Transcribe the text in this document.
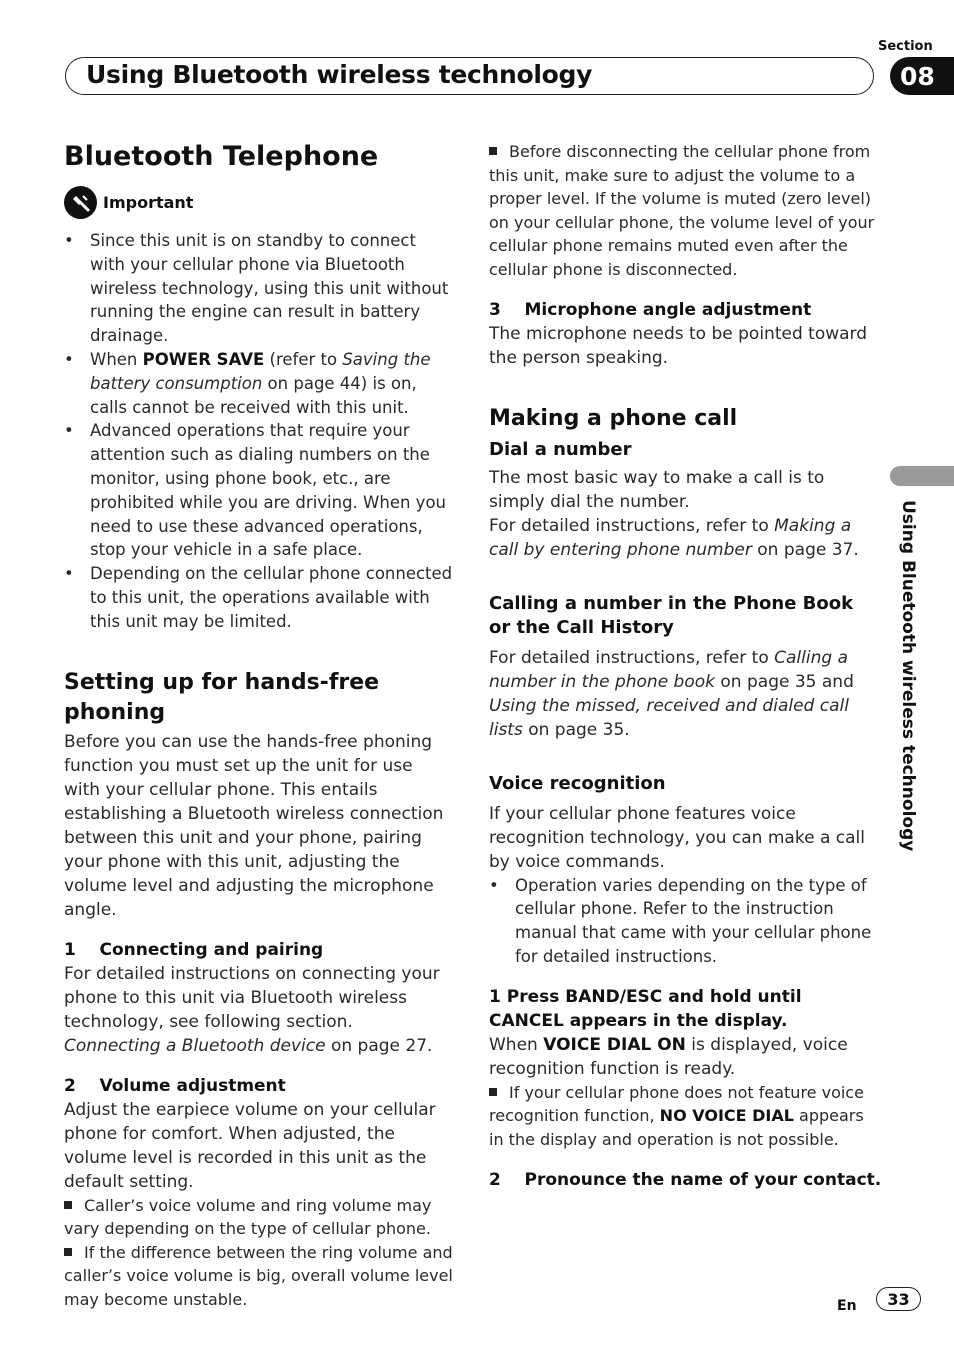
Section
Using Bluetooth wireless technology	08
Using Bluetooth wireless technology
Bluetooth Telephone
Important
• Since this unit is on standby to connect with your cellular phone via Bluetooth wireless technology, using this unit without running the engine can result in battery drainage.
• When POWER SAVE (refer to Saving the battery consumption on page 44) is on, calls cannot be received with this unit.
• Advanced operations that require your attention such as dialing numbers on the monitor, using phone book, etc., are prohibited while you are driving. When you need to use these advanced operations, stop your vehicle in a safe place.
• Depending on the cellular phone connected to this unit, the operations available with this unit may be limited.
Setting up for hands-free phoning

Before you can use the hands-free phoning function you must set up the unit for use with your cellular phone. This entails establishing a Bluetooth wireless connection between this unit and your phone, pairing your phone with this unit, adjusting the volume level and adjusting the microphone angle.

1    Connecting and pairing

For detailed instructions on connecting your phone to this unit via Bluetooth wireless technology, see following section. Connecting a Bluetooth device on page 27.

2    Volume adjustment

Adjust the earpiece volume on your cellular phone for comfort. When adjusted, the volume level is recorded in this unit as the default setting.

Caller’s voice volume and ring volume may vary depending on the type of cellular phone.

If the difference between the ring volume and caller’s voice volume is big, overall volume level may become unstable.

Before disconnecting the cellular phone from this unit, make sure to adjust the volume to a proper level. If the volume is muted (zero level) on your cellular phone, the volume level of your cellular phone remains muted even after the cellular phone is disconnected.

3    Microphone angle adjustment

The microphone needs to be pointed toward the person speaking.

Making a phone call
Dial a number

The most basic way to make a call is to simply dial the number.

For detailed instructions, refer to Making a call by entering phone number on page 37.

Calling a number in the Phone Book or the Call History

For detailed instructions, refer to Calling a number in the phone book on page 35 and Using the missed, received and dialed call lists on page 35.

Voice recognition

If your cellular phone features voice recognition technology, you can make a call by voice commands.

• Operation varies depending on the type of cellular phone. Refer to the instruction manual that came with your cellular phone for detailed instructions.
1 Press BAND/ESC and hold until CANCEL appears in the display.

When VOICE DIAL ON is displayed, voice recognition function is ready.

If your cellular phone does not feature voice recognition function, NO VOICE DIAL appears in the display and operation is not possible.

2    Pronounce the name of your contact.
En	33
